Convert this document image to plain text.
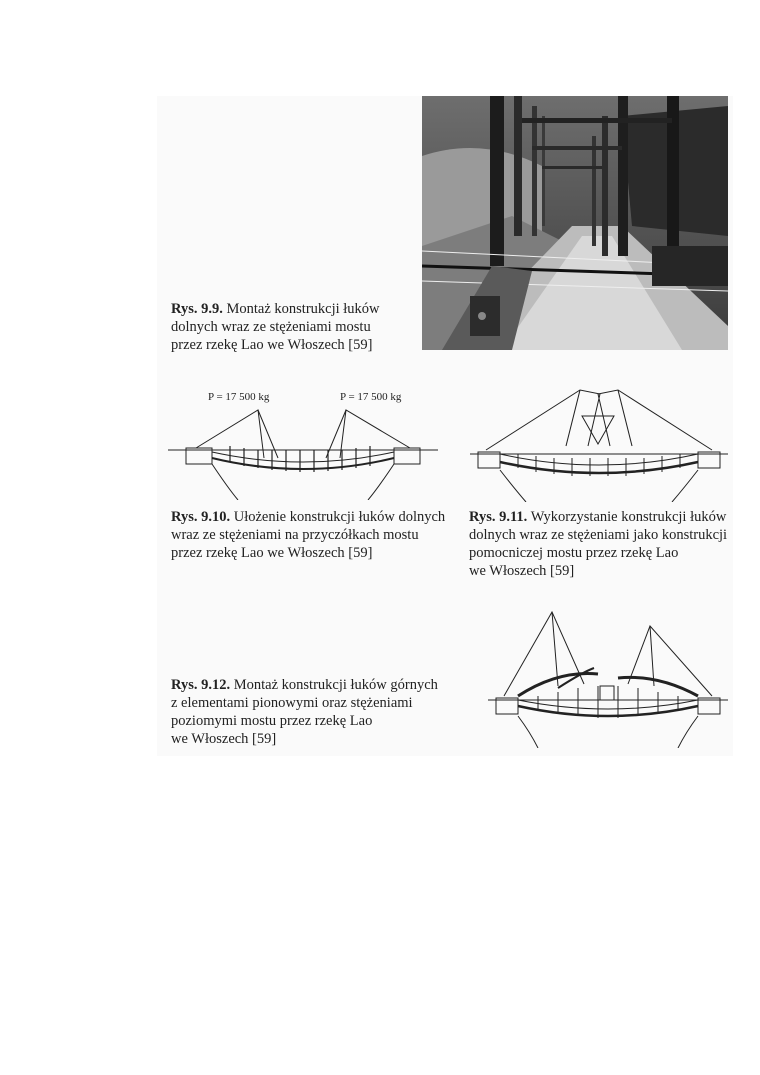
Rys. 9.9. Montaż konstrukcji łuków
dolnych wraz ze stężeniami mostu
przez rzekę Lao we Włoszech [59]
P = 17 500 kg	P = 17 500 kg
Rys. 9.10. Ułożenie konstrukcji łuków dolnych
wraz ze stężeniami na przyczółkach mostu
przez rzekę Lao we Włoszech [59]
Rys. 9.11. Wykorzystanie konstrukcji łuków
dolnych wraz ze stężeniami jako konstrukcji
pomocniczej mostu przez rzekę Lao
we Włoszech [59]
Rys. 9.12. Montaż konstrukcji łuków górnych
z elementami pionowymi oraz stężeniami
poziomymi mostu przez rzekę Lao
we Włoszech [59]
